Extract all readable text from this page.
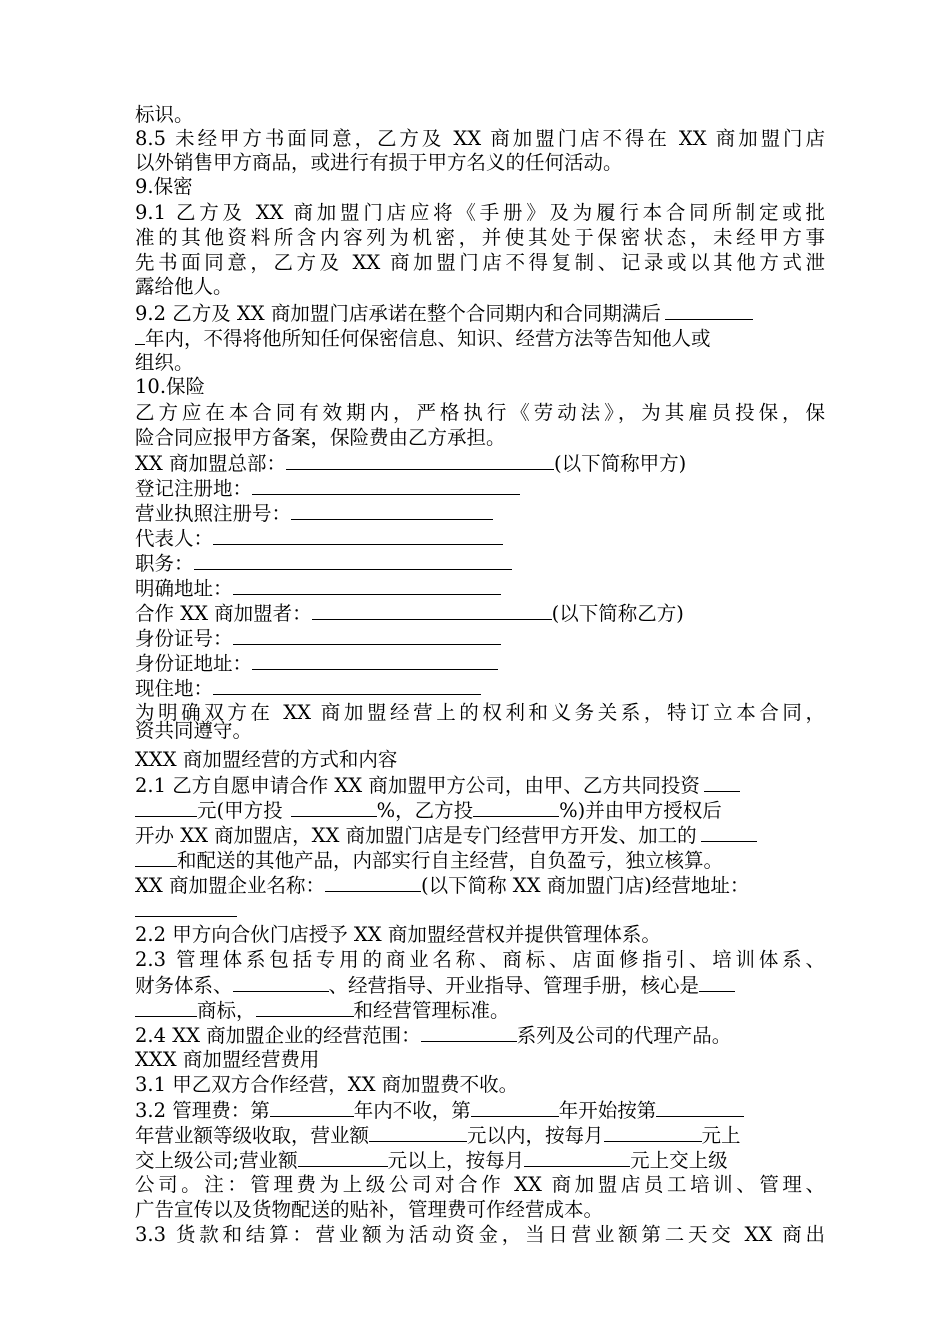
标识。
8.5 未经甲方书面同意，乙方及 XX 商加盟门店不得在 XX 商加盟门店
以外销售甲方商品，或进行有损于甲方名义的任何活动。
9.保密
9.1 乙方及 XX 商加盟门店应将《手册》及为履行本合同所制定或批
准的其他资料所含内容列为机密，并使其处于保密状态，未经甲方事
先书面同意，乙方及 XX 商加盟门店不得复制、记录或以其他方式泄
露给他人。
9.2 乙方及 XX 商加盟门店承诺在整个合同期内和合同期满后
年内，不得将他所知任何保密信息、知识、经营方法等告知他人或
组织。
10.保险
乙方应在本合同有效期内，严格执行《劳动法》，为其雇员投保，保
险合同应报甲方备案，保险费由乙方承担。
XX 商加盟总部：	(以下简称甲方)
登记注册地：
营业执照注册号：
代表人：
职务：
明确地址：
合作 XX 商加盟者：	(以下简称乙方)
身份证号：
身份证地址：
现住地：
为明确双方在 XX 商加盟经营上的权利和义务关系，特订立本合同，
资共同遵守。
XXX 商加盟经营的方式和内容
2.1 乙方自愿申请合作 XX 商加盟甲方公司，由甲、乙方共同投资
元(甲方投	%，乙方投	%)并由甲方授权后
开办 XX 商加盟店，XX 商加盟门店是专门经营甲方开发、加工的
和配送的其他产品，内部实行自主经营，自负盈亏，独立核算。
XX 商加盟企业名称：	(以下简称 XX 商加盟门店)经营地址：
2.2 甲方向合伙门店授予 XX 商加盟经营权并提供管理体系。
2.3 管理体系包括专用的商业名称、商标、店面修指引、培训体系、
财务体系、	、经营指导、开业指导、管理手册，核心是
商标，	和经营管理标准。
2.4 XX 商加盟企业的经营范围：	系列及公司的代理产品。
XXX 商加盟经营费用
3.1 甲乙双方合作经营，XX 商加盟费不收。
3.2 管理费：第	年内不收，第	年开始按第
年营业额等级收取，营业额	元以内，按每月	元上
交上级公司;营业额	元以上，按每月	元上交上级
公司。注：管理费为上级公司对合作 XX 商加盟店员工培训、管理、
广告宣传以及货物配送的贴补，管理费可作经营成本。
3.3 货款和结算：营业额为活动资金，当日营业额第二天交 XX 商出
